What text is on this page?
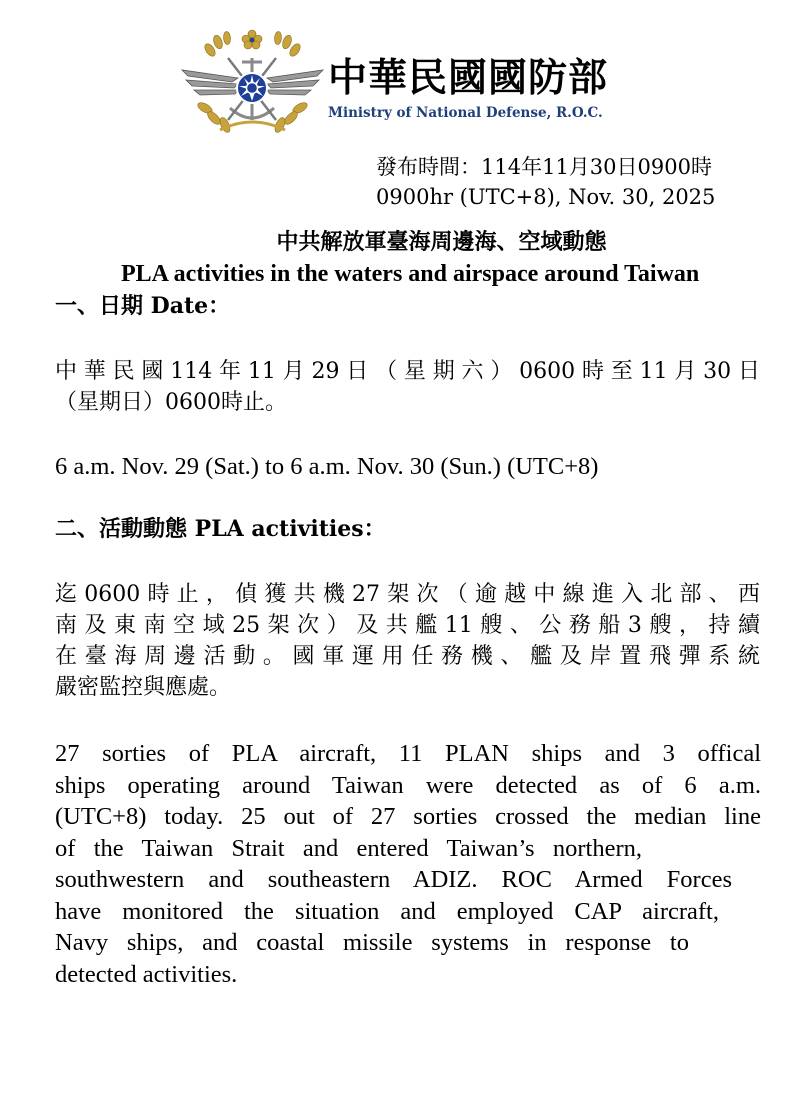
中華民國國防部
Ministry of National Defense, R.O.C.
發布時間：114年11月30日0900時
0900hr (UTC+8), Nov. 30, 2025
中共解放軍臺海周邊海、空域動態
PLA activities in the waters and airspace around Taiwan
一、日期 Date：
中華民國114年11月29日（星期六）0600時至11月30日
（星期日）0600時止。
6 a.m. Nov. 29 (Sat.) to 6 a.m. Nov. 30 (Sun.) (UTC+8)
二、活動動態 PLA activities：
迄0600時止，偵獲共機27架次（逾越中線進入北部、西
南及東南空域25架次）及共艦11艘、公務船3艘，持續
在臺海周邊活動。國軍運用任務機、艦及岸置飛彈系統
嚴密監控與應處。
27 sorties of PLA aircraft, 11 PLAN ships and 3 offical
ships operating around Taiwan were detected as of 6 a.m.
(UTC+8) today. 25 out of 27 sorties crossed the median line
of the Taiwan Strait and entered Taiwan’s northern,
southwestern and southeastern ADIZ. ROC Armed Forces
have monitored the situation and employed CAP aircraft,
Navy ships, and coastal missile systems in response to
detected activities.
